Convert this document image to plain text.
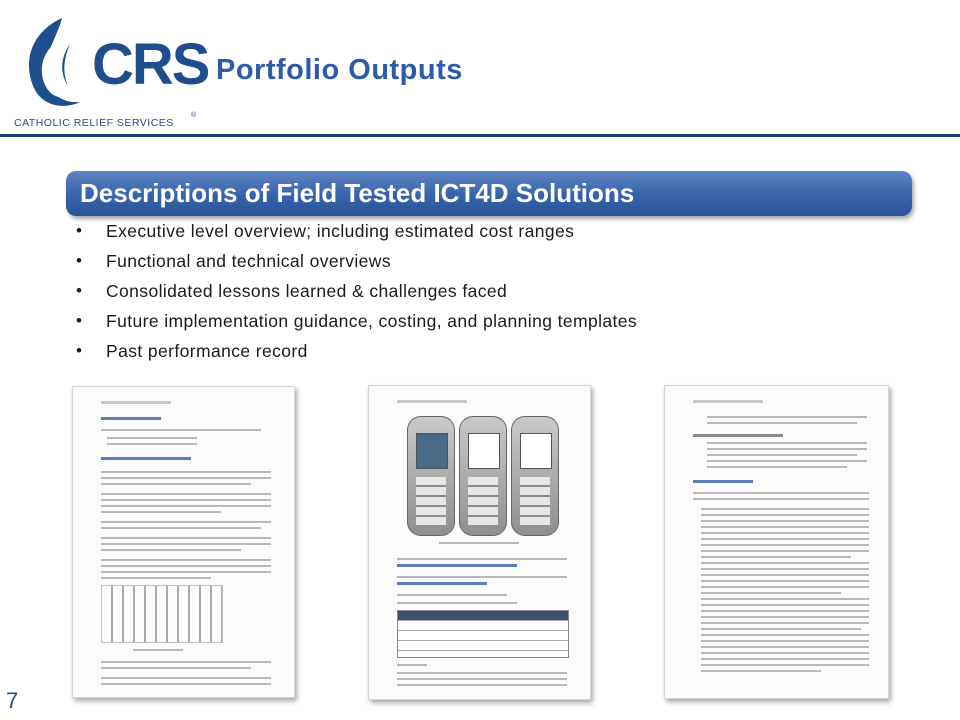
CRS
®
CATHOLIC RELIEF SERVICES
Portfolio Outputs
Descriptions of Field Tested ICT4D Solutions
• Executive level overview; including estimated cost ranges
• Functional and technical overviews
• Consolidated lessons learned & challenges faced
• Future implementation guidance, costing, and planning templates
• Past performance record
7
